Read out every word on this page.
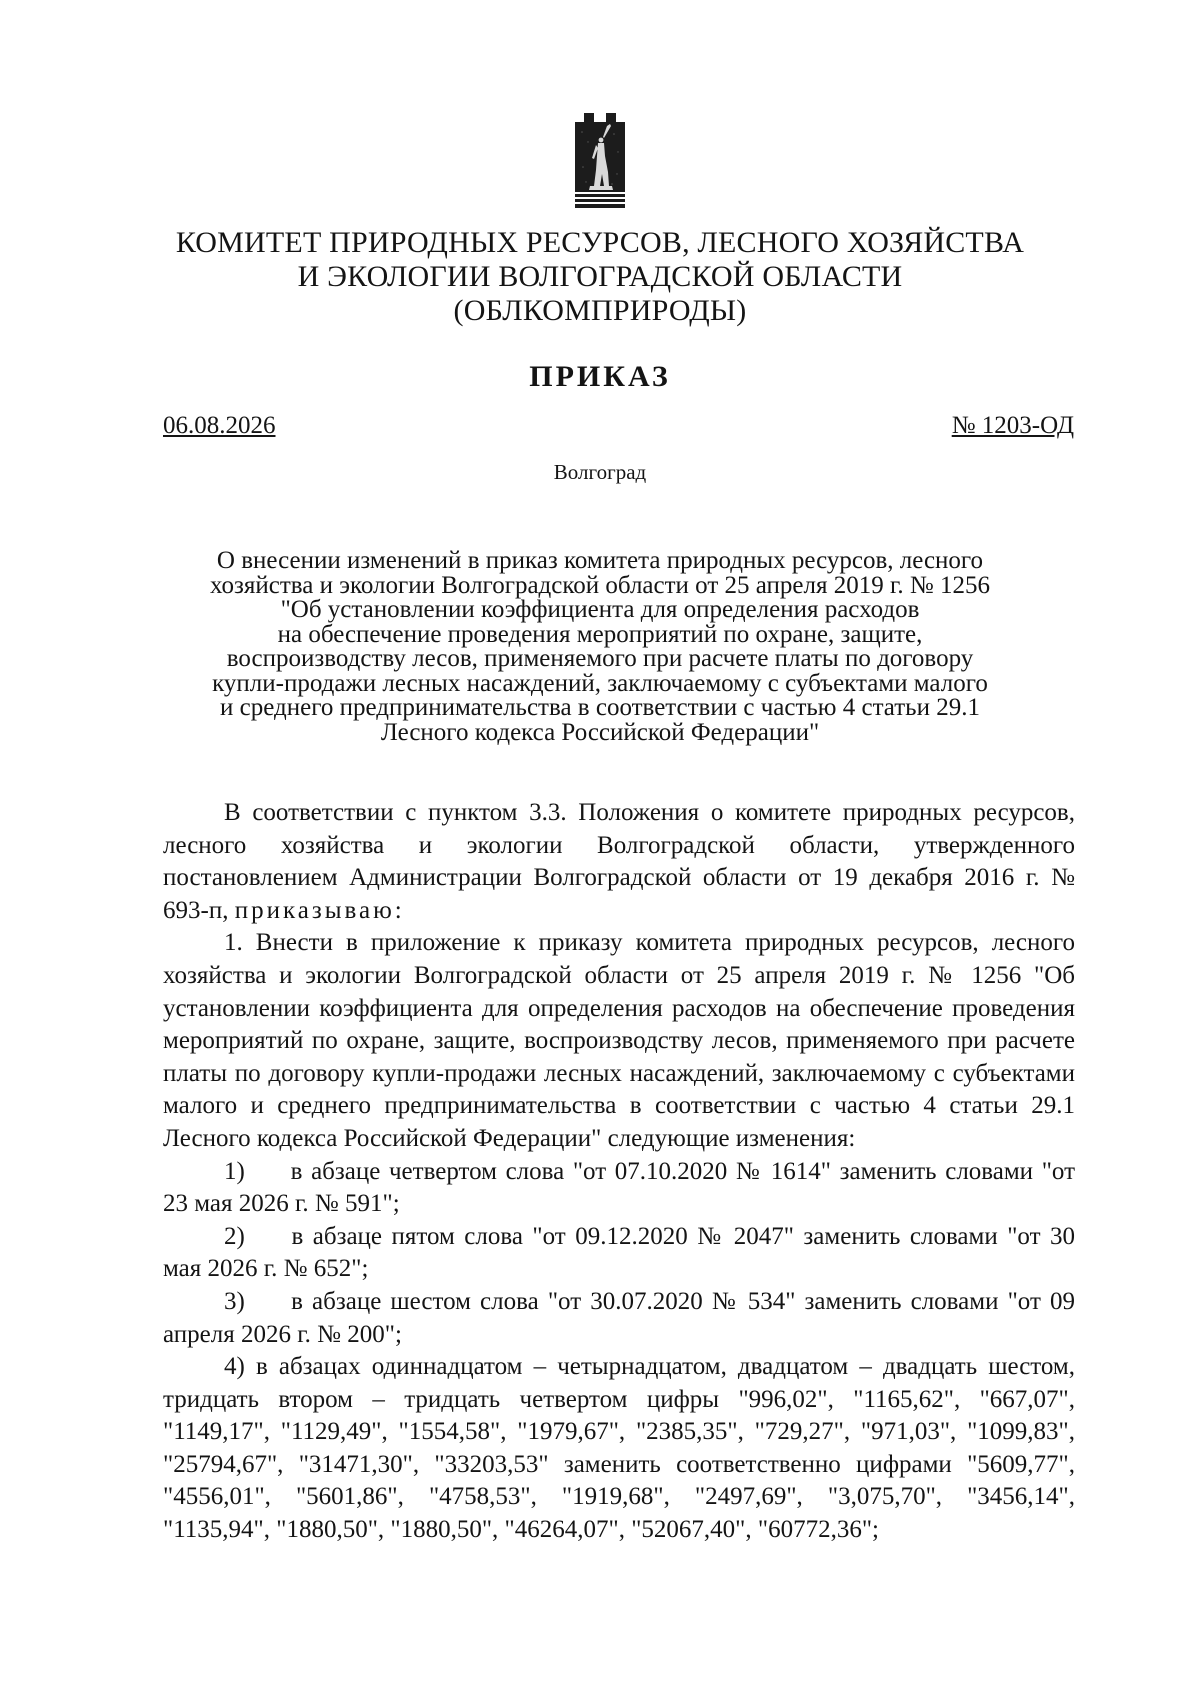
КОМИТЕТ ПРИРОДНЫХ РЕСУРСОВ, ЛЕСНОГО ХОЗЯЙСТВА
И ЭКОЛОГИИ ВОЛГОГРАДСКОЙ ОБЛАСТИ
(ОБЛКОМПРИРОДЫ)
ПРИКАЗ
06.08.2026	№ 1203-ОД
Волгоград
О внесении изменений в приказ комитета природных ресурсов, лесного
хозяйства и экологии Волгоградской области от 25 апреля 2019 г. № 1256
"Об установлении коэффициента для определения расходов
на обеспечение проведения мероприятий по охране, защите,
воспроизводству лесов, применяемого при расчете платы по договору
купли-продажи лесных насаждений, заключаемому с субъектами малого
и среднего предпринимательства в соответствии с частью 4 статьи 29.1
Лесного кодекса Российской Федерации"

В соответствии с пунктом 3.3. Положения о комитете природных ресурсов, лесного хозяйства и экологии Волгоградской области, утвержденного постановлением Администрации Волгоградской области от 19 декабря 2016 г. № 693-п, приказываю:

1. Внести в приложение к приказу комитета природных ресурсов, лесного хозяйства и экологии Волгоградской области от 25 апреля 2019 г. № 1256 "Об установлении коэффициента для определения расходов на обеспечение проведения мероприятий по охране, защите, воспроизводству лесов, применяемого при расчете платы по договору купли-продажи лесных насаждений, заключаемому с субъектами малого и среднего предпринимательства в соответствии с частью 4 статьи 29.1 Лесного кодекса Российской Федерации" следующие изменения:

1) в абзаце четвертом слова "от 07.10.2020 № 1614" заменить словами "от 23 мая 2026 г. № 591";

2) в абзаце пятом слова "от 09.12.2020 № 2047" заменить словами "от 30 мая 2026 г. № 652";

3) в абзаце шестом слова "от 30.07.2020 № 534" заменить словами "от 09 апреля 2026 г. № 200";

4) в абзацах одиннадцатом – четырнадцатом, двадцатом – двадцать шестом, тридцать втором – тридцать четвертом цифры "996,02", "1165,62", "667,07", "1149,17", "1129,49", "1554,58", "1979,67", "2385,35", "729,27", "971,03", "1099,83", "25794,67", "31471,30", "33203,53" заменить соответственно цифрами "5609,77", "4556,01", "5601,86", "4758,53", "1919,68", "2497,69", "3,075,70", "3456,14", "1135,94", "1880,50", "1880,50", "46264,07", "52067,40", "60772,36";
